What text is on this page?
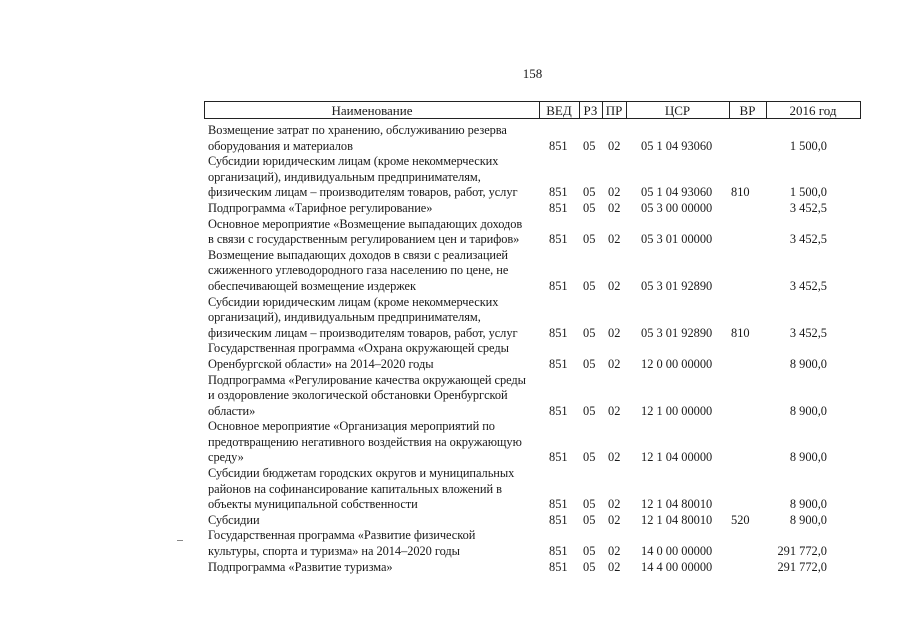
158
Наименование	ВЕД РЗ ПР	ЦСР	ВР	2016 год
Возмещение затрат по хранению, обслуживанию резерва
оборудования и материалов	851	05	02	05 1 04 93060	1 500,0
Субсидии юридическим лицам (кроме некоммерческих
организаций), индивидуальным предпринимателям,
физическим лицам – производителям товаров, работ, услуг	851	05	02	05 1 04 93060	810	1 500,0
Подпрограмма «Тарифное регулирование»	851	05	02	05 3 00 00000	3 452,5
Основное мероприятие «Возмещение выпадающих доходов
в связи с государственным регулированием цен и тарифов»	851	05	02	05 3 01 00000	3 452,5
Возмещение выпадающих доходов в связи с реализацией
сжиженного углеводородного газа населению по цене, не
обеспечивающей возмещение издержек	851	05	02	05 3 01 92890	3 452,5
Субсидии юридическим лицам (кроме некоммерческих
организаций), индивидуальным предпринимателям,
физическим лицам – производителям товаров, работ, услуг	851	05	02	05 3 01 92890	810	3 452,5
Государственная программа «Охрана окружающей среды
Оренбургской области» на 2014–2020 годы	851	05	02	12 0 00 00000	8 900,0
Подпрограмма «Регулирование качества окружающей среды
и оздоровление экологической обстановки Оренбургской
области»	851	05	02	12 1 00 00000	8 900,0
Основное мероприятие «Организация мероприятий по
предотвращению негативного воздействия на окружающую
среду»	851	05	02	12 1 04 00000	8 900,0
Субсидии бюджетам городских округов и муниципальных
районов на софинансирование капитальных вложений в
объекты муниципальной собственности	851	05	02	12 1 04 80010	8 900,0
Субсидии	851	05	02	12 1 04 80010	520	8 900,0
Государственная программа «Развитие физической
культуры, спорта и туризма» на 2014–2020 годы	851	05	02	14 0 00 00000	291 772,0
Подпрограмма «Развитие туризма»	851	05	02	14 4 00 00000	291 772,0
